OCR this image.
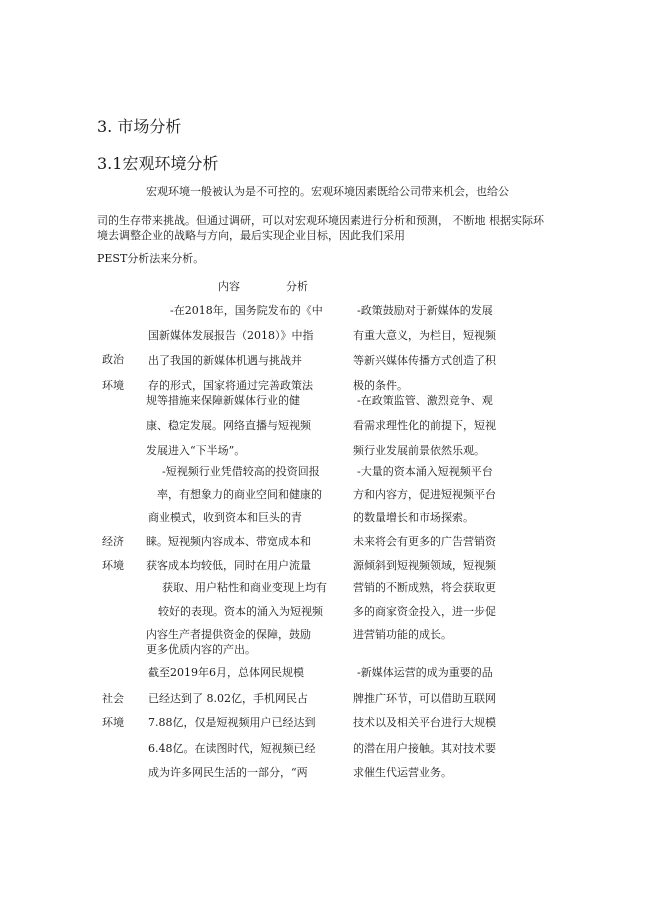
3. 市场分析
3.1宏观环境分析
宏观环境一般被认为是不可控的。宏观环境因素既给公司带来机会，也给公
司的生存带来挑战。但通过调研，可以对宏观环境因素进行分析和预测， 不断地 根据实际环
境去调整企业的战略与方向，最后实现企业目标，因此我们采用
PEST分析法来分析。
内容	分析
政治
环境
-在2018年，国务院发布的《中
国新媒体发展报告（2018）》中指
出了我国的新媒体机遇与挑战并
存的形式，国家将通过完善政策法
规等措施来保障新媒体行业的健
康、稳定发展。网络直播与短视频
发展进入“下半场”。
-政策鼓励对于新媒体的发展
有重大意义，为栏目，短视频
等新兴媒体传播方式创造了积
极的条件。
-在政策监管、激烈竞争、观
看需求理性化的前提下，短视
频行业发展前景依然乐观。
经济
环境
-短视频行业凭借较高的投资回报
率，有想象力的商业空间和健康的
商业模式，收到资本和巨头的青
睐。短视频内容成本、带宽成本和
获客成本均较低，同时在用户流量
获取、用户粘性和商业变现上均有
较好的表现。资本的涌入为短视频
内容生产者提供资金的保障，鼓励
更多优质内容的产出。
-大量的资本涌入短视频平台
方和内容方，促进短视频平台
的数量增长和市场探索。
未来将会有更多的广告营销资
源倾斜到短视频领域，短视频
营销的不断成熟，将会获取更
多的商家资金投入，进一步促
进营销功能的成长。
社会
环境
截至2019年6月，总体网民规模
已经达到了 8.02亿，手机网民占
7.88亿，仅是短视频用户已经达到
6.48亿。在读图时代，短视频已经
成为许多网民生活的一部分，“两
-新媒体运营的成为重要的品
牌推广环节，可以借助互联网
技术以及相关平台进行大规模
的潜在用户接触。其对技术要
求催生代运营业务。
